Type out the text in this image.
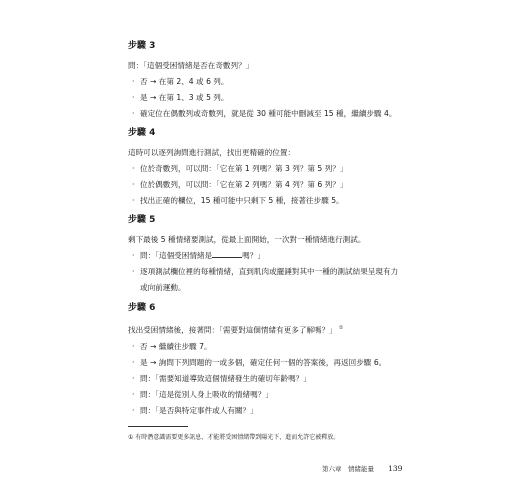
步驟 3
問：「這個受困情緒是否在奇數列？」
· 否 → 在第 2、4 或 6 列。
· 是 → 在第 1、3 或 5 列。
· 確定位在偶數列或奇數列，就是從 30 種可能中刪減至 15 種，繼續步驟 4。
步驟 4
這時可以逐列詢問進行測試，找出更精確的位置：
· 位於奇數列，可以問：「它在第 1 列嗎？第 3 列？第 5 列？」
· 位於偶數列，可以問：「它在第 2 列嗎？第 4 列？第 6 列？」
· 找出正確的欄位，15 種可能中只剩下 5 種，接著往步驟 5。
步驟 5
剩下最後 5 種情緒要測試，從最上面開始，一次對一種情緒進行測試。
· 問：「這個受困情緒是	嗎？」
· 逐項測試欄位裡的每種情緒，直到肌肉或擺錘對其中一種的測試結果呈現有力
或向前運動。
步驟 6
找出受困情緒後，接著問：「需要對這個情緒有更多了解嗎？」 ①
· 否 → 繼續往步驟 7。
· 是 → 詢問下列問題的一或多個，確定任何一個的答案後，再返回步驟 6。
· 問：「需要知道導致這個情緒發生的確切年齡嗎？」
· 問：「這是從別人身上吸收的情緒嗎？」
· 問：「是否與特定事件或人有關？」
① 有時潛意識需要更多訊息，才能將受困情緒帶到陽光下，進而允許它被釋放。
第六章　情緒能量 139
